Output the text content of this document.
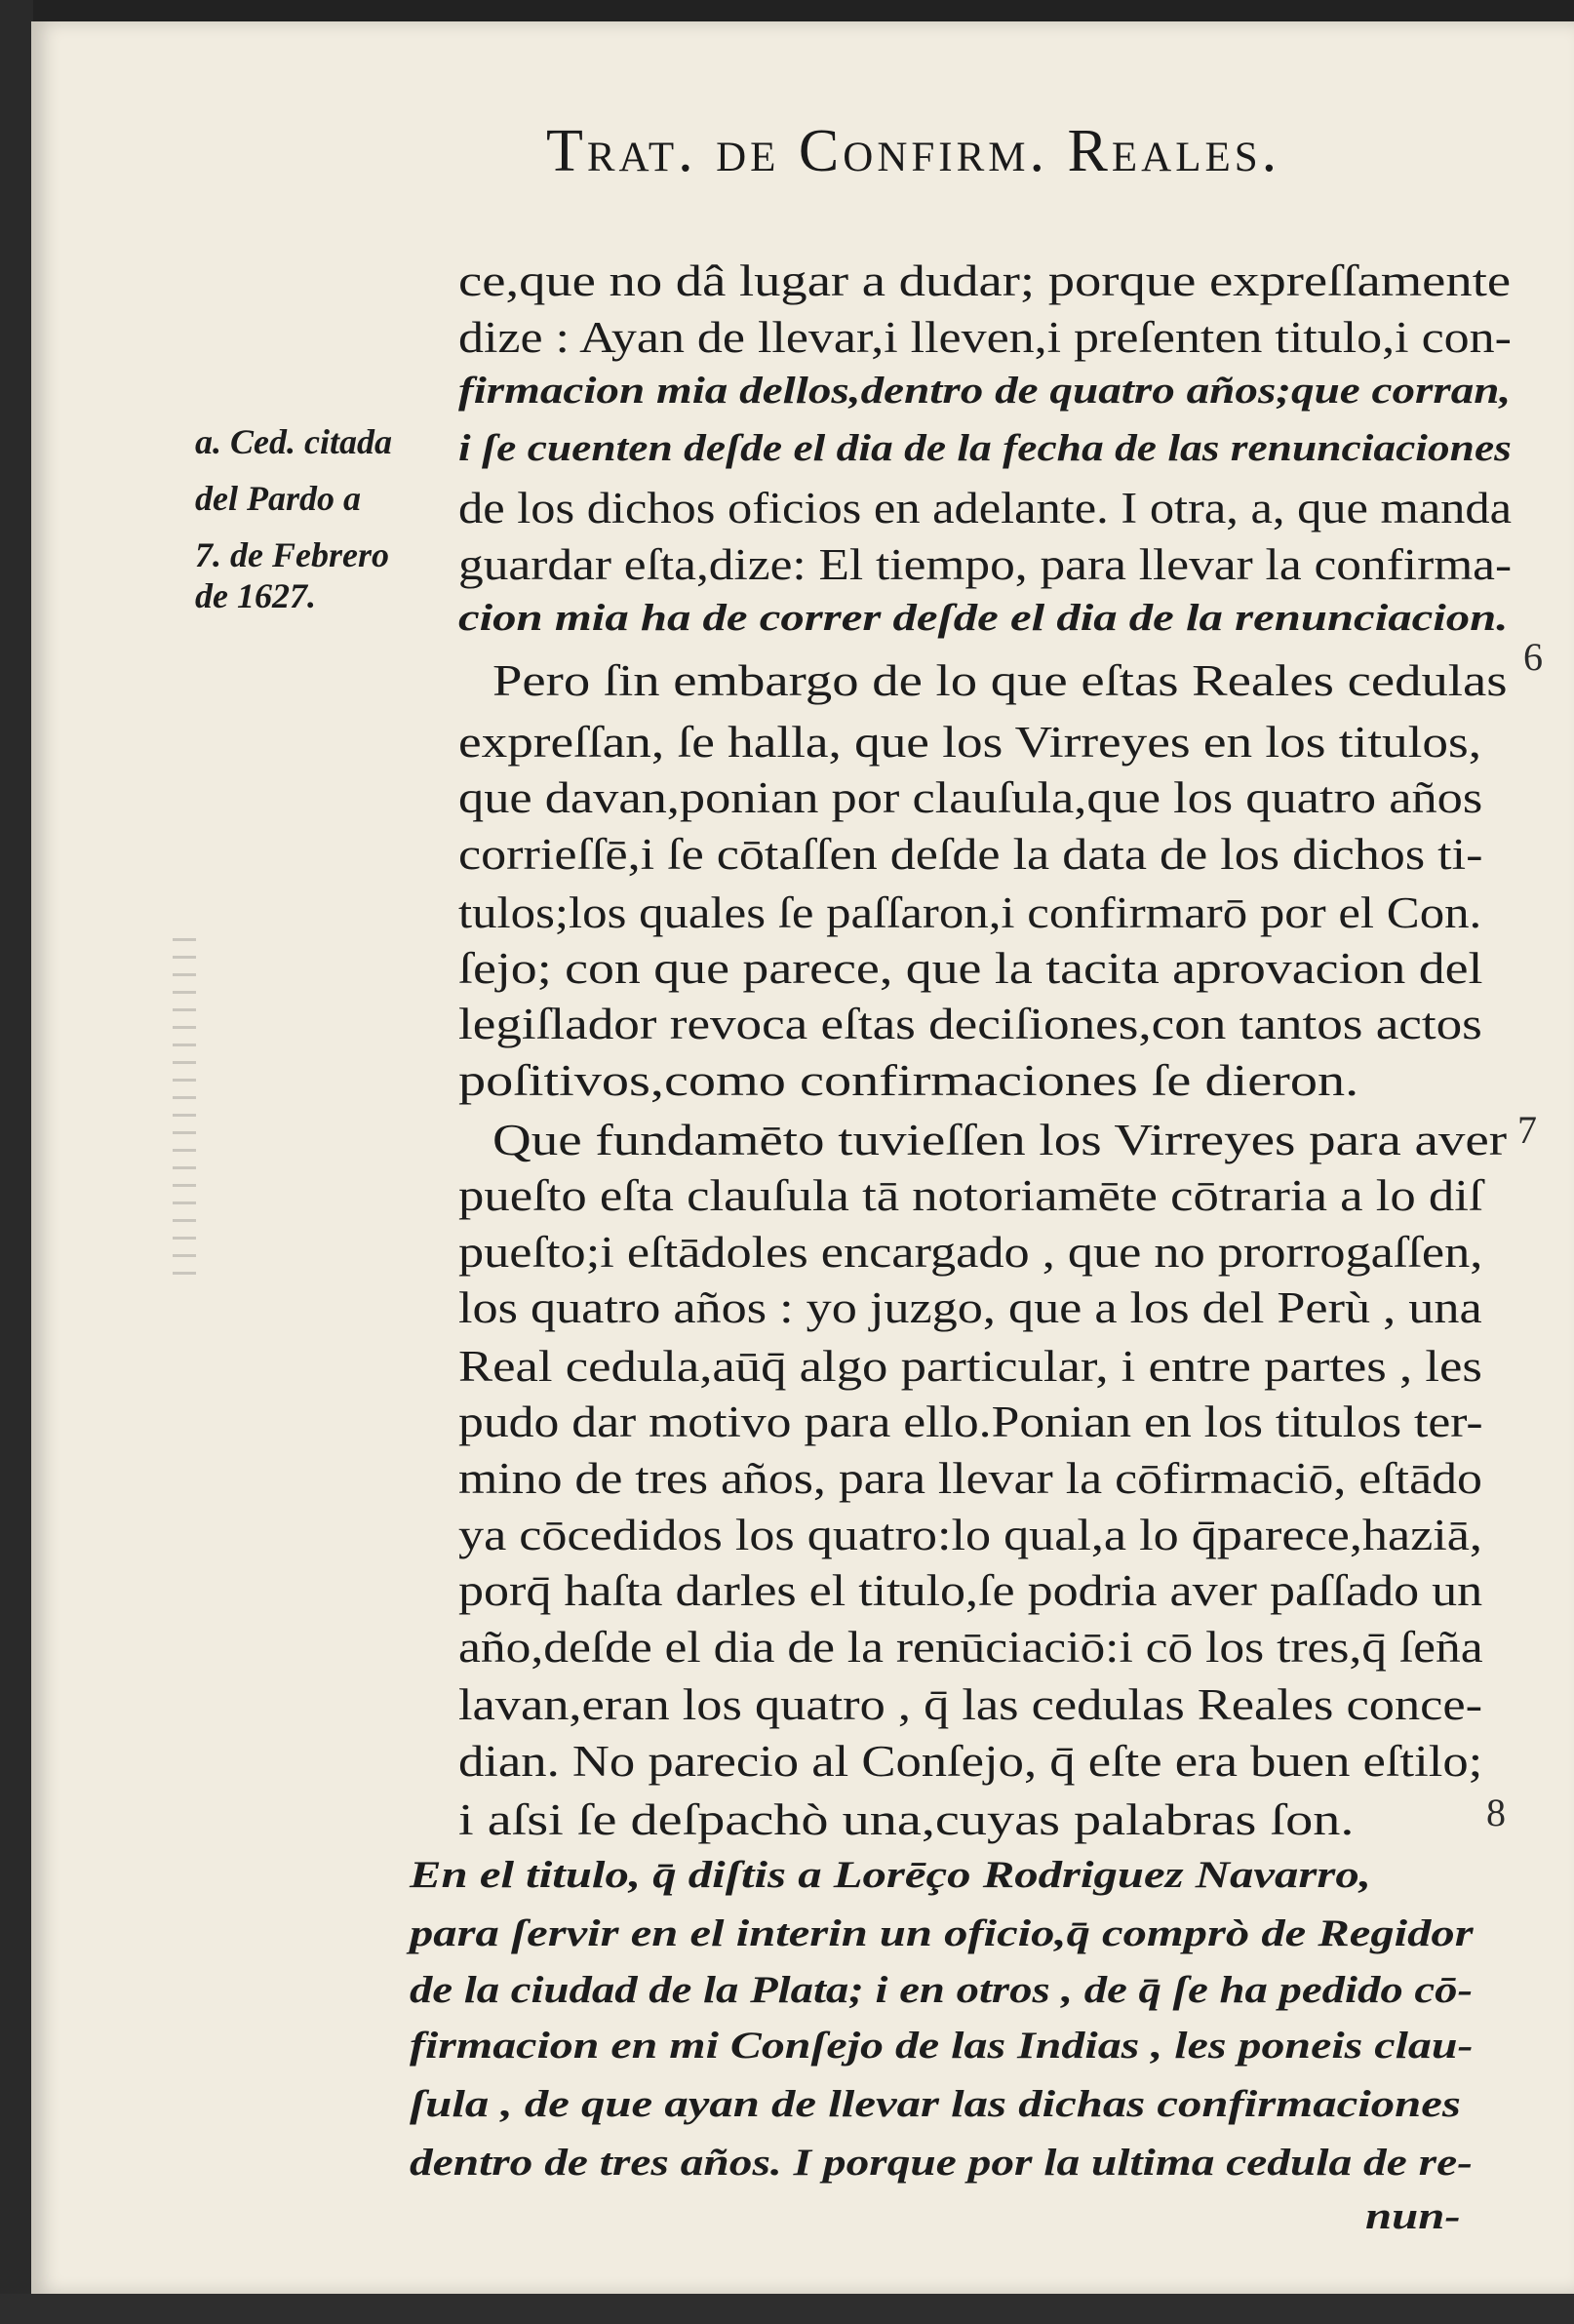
Trat. de Confirm. Reales.
a. Ced. citada
del Pardo a
7. de Febrero
de 1627.
ce,que no dâ lugar a dudar; porque expreſſamente
dize : Ayan de llevar,i lleven,i preſenten titulo,i con-
firmacion mia dellos,dentro de quatro años;que corran,
i ſe cuenten deſde el dia de la fecha de las renunciaciones
de los dichos oficios en adelante. I otra, a, que manda
guardar eſta,dize: El tiempo, para llevar la confirma-
cion mia ha de correr deſde el dia de la renunciacion.
Pero ſin embargo de lo que eſtas Reales cedulas
expreſſan, ſe halla, que los Virreyes en los titulos,
que davan,ponian por clauſula,que los quatro años
corrieſſē,i ſe cōtaſſen deſde la data de los dichos ti-
tulos;los quales ſe paſſaron,i confirmarō por el Con.
ſejo; con que parece, que la tacita aprovacion del
legiſlador revoca eſtas deciſiones,con tantos actos
poſitivos,como confirmaciones ſe dieron.
Que fundamēto tuvieſſen los Virreyes para aver
pueſto eſta clauſula tā notoriamēte cōtraria a lo diſ
pueſto;i eſtādoles encargado , que no prorrogaſſen,
los quatro años : yo juzgo, que a los del Perù , una
Real cedula,aūq̄ algo particular, i entre partes , les
pudo dar motivo para ello.Ponian en los titulos ter-
mino de tres años, para llevar la cōfirmaciō, eſtādo
ya cōcedidos los quatro:lo qual,a lo q̄parece,haziā,
porq̄ haſta darles el titulo,ſe podria aver paſſado un
año,deſde el dia de la renūciaciō:i cō los tres,q̄ ſeña
lavan,eran los quatro , q̄ las cedulas Reales conce-
dian. No parecio al Conſejo, q̄ eſte era buen eſtilo;
i aſsi ſe deſpachò una,cuyas palabras ſon.
En el titulo, q̄ diſtis a Lorēço Rodriguez Navarro,
para ſervir en el interin un oficio,q̄ comprò de Regidor
de la ciudad de la Plata; i en otros , de q̄ ſe ha pedido cō-
firmacion en mi Conſejo de las Indias , les poneis clau-
ſula , de que ayan de llevar las dichas confirmaciones
dentro de tres años. I porque por la ultima cedula de re-
nun-
6
7
8
